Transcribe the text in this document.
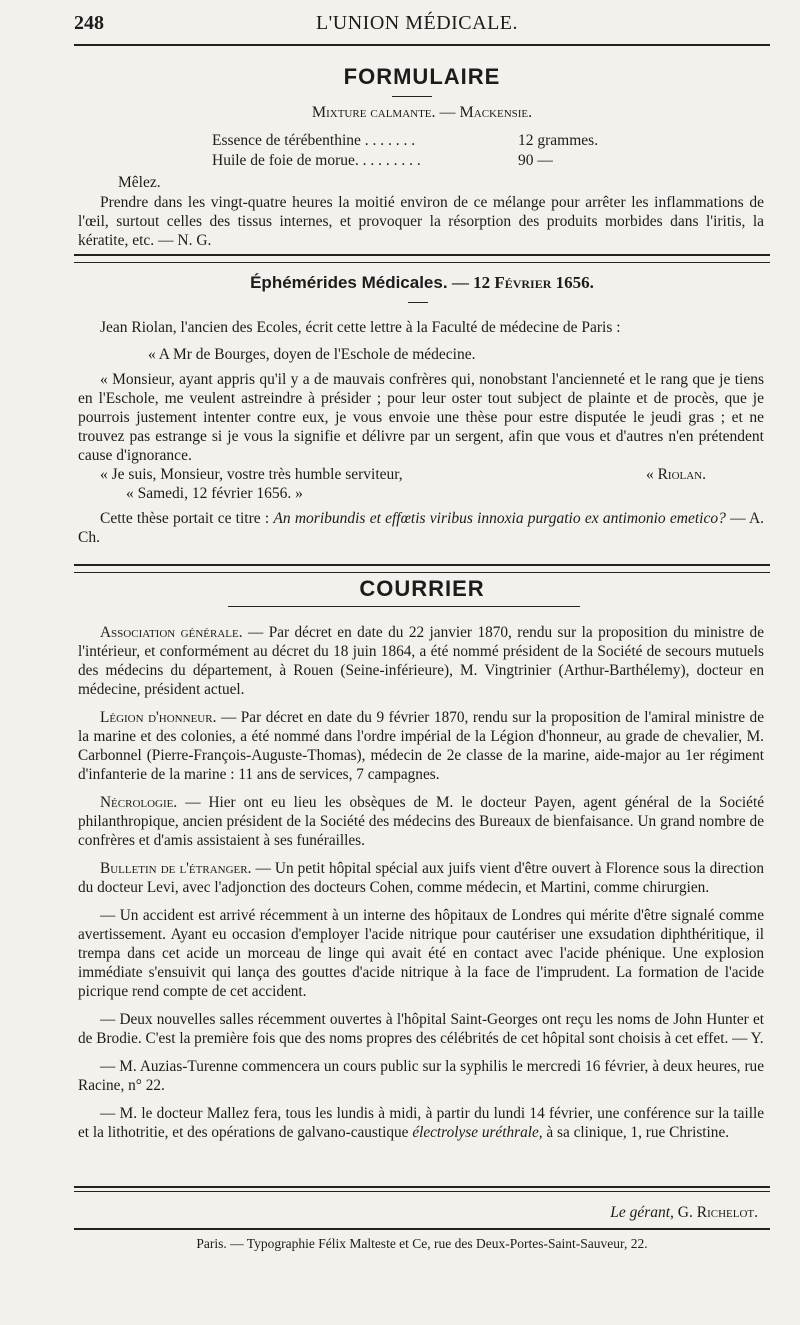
248	L'UNION MÉDICALE.
FORMULAIRE
Mixture calmante. — Mackensie.
Essence de térébenthine . . . . . . .	12 grammes.
Huile de foie de morue. . . . . . . . .	90 —
Mêlez.
Prendre dans les vingt-quatre heures la moitié environ de ce mélange pour arrêter les inflammations de l'œil, surtout celles des tissus internes, et provoquer la résorption des produits morbides dans l'iritis, la kératite, etc. — N. G.
Éphémérides Médicales. — 12 Février 1656.
Jean Riolan, l'ancien des Ecoles, écrit cette lettre à la Faculté de médecine de Paris :
« A Mr de Bourges, doyen de l'Eschole de médecine.
« Monsieur, ayant appris qu'il y a de mauvais confrères qui, nonobstant l'ancienneté et le rang que je tiens en l'Eschole, me veulent astreindre à présider ; pour leur oster tout subject de plainte et de procès, que je pourrois justement intenter contre eux, je vous envoie une thèse pour estre disputée le jeudi gras ; et ne trouvez pas estrange si je vous la signifie et délivre par un sergent, afin que vous et d'autres n'en prétendent cause d'ignorance.
« Je suis, Monsieur, vostre très humble serviteur,	« Riolan.
« Samedi, 12 février 1656. »
Cette thèse portait ce titre : An moribundis et effœtis viribus innoxia purgatio ex antimonio emetico? — A. Ch.
COURRIER
Association générale. — Par décret en date du 22 janvier 1870, rendu sur la proposition du ministre de l'intérieur, et conformément au décret du 18 juin 1864, a été nommé président de la Société de secours mutuels des médecins du département, à Rouen (Seine-inférieure), M. Vingtrinier (Arthur-Barthélemy), docteur en médecine, président actuel.
Légion d'honneur. — Par décret en date du 9 février 1870, rendu sur la proposition de l'amiral ministre de la marine et des colonies, a été nommé dans l'ordre impérial de la Légion d'honneur, au grade de chevalier, M. Carbonnel (Pierre-François-Auguste-Thomas), médecin de 2e classe de la marine, aide-major au 1er régiment d'infanterie de la marine : 11 ans de services, 7 campagnes.
Nécrologie. — Hier ont eu lieu les obsèques de M. le docteur Payen, agent général de la Société philanthropique, ancien président de la Société des médecins des Bureaux de bienfaisance. Un grand nombre de confrères et d'amis assistaient à ses funérailles.
Bulletin de l'étranger. — Un petit hôpital spécial aux juifs vient d'être ouvert à Florence sous la direction du docteur Levi, avec l'adjonction des docteurs Cohen, comme médecin, et Martini, comme chirurgien.
— Un accident est arrivé récemment à un interne des hôpitaux de Londres qui mérite d'être signalé comme avertissement. Ayant eu occasion d'employer l'acide nitrique pour cautériser une exsudation diphthéritique, il trempa dans cet acide un morceau de linge qui avait été en contact avec l'acide phénique. Une explosion immédiate s'ensuivit qui lança des gouttes d'acide nitrique à la face de l'imprudent. La formation de l'acide picrique rend compte de cet accident.
— Deux nouvelles salles récemment ouvertes à l'hôpital Saint-Georges ont reçu les noms de John Hunter et de Brodie. C'est la première fois que des noms propres des célébrités de cet hôpital sont choisis à cet effet. — Y.
— M. Auzias-Turenne commencera un cours public sur la syphilis le mercredi 16 février, à deux heures, rue Racine, n° 22.
— M. le docteur Mallez fera, tous les lundis à midi, à partir du lundi 14 février, une conférence sur la taille et la lithotritie, et des opérations de galvano-caustique électrolyse uréthrale, à sa clinique, 1, rue Christine.
Le gérant, G. Richelot.
Paris. — Typographie Félix Malteste et Ce, rue des Deux-Portes-Saint-Sauveur, 22.
